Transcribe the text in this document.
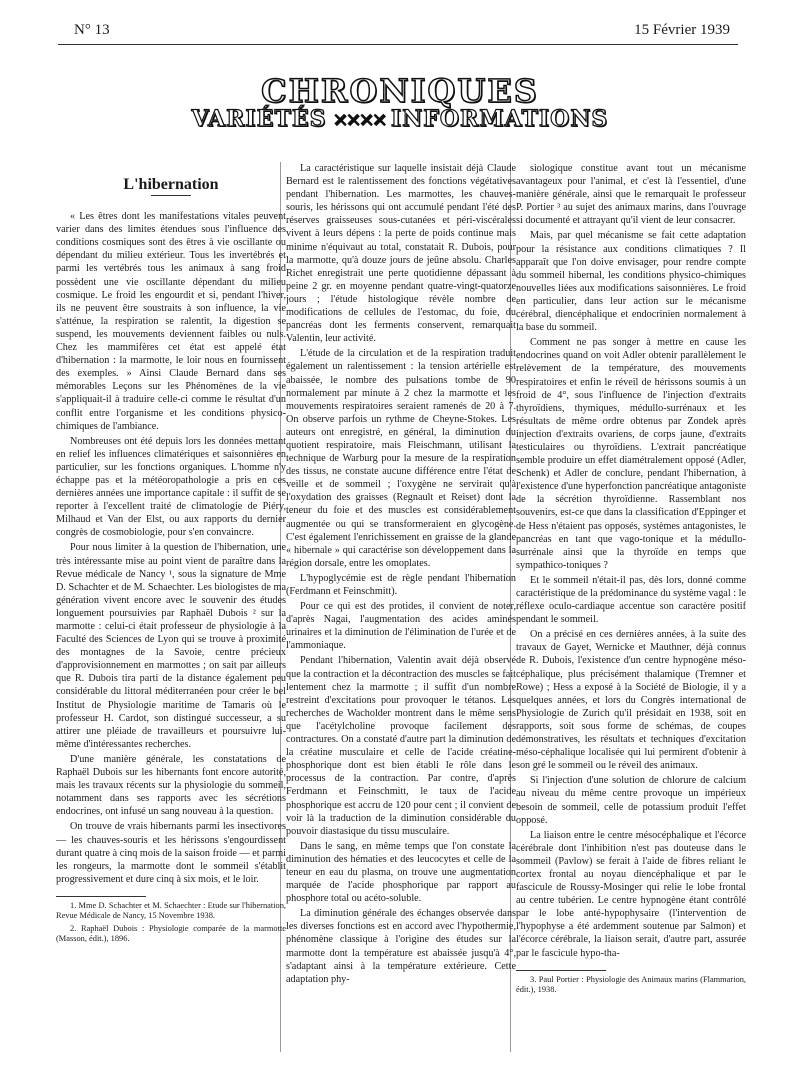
N° 13	15 Février 1939
CHRONIQUES
VARIÉTÉS ✕✕✕✕ INFORMATIONS
L'hibernation

« Les êtres dont les manifestations vitales peuvent varier dans des limites étendues sous l'influence des conditions cosmiques sont des êtres à vie oscillante ou dépendant du milieu extérieur. Tous les invertébrés et parmi les vertébrés tous les animaux à sang froid possèdent une vie oscillante dépendant du milieu cosmique. Le froid les engourdit et si, pendant l'hiver, ils ne peuvent être soustraits à son influence, la vie s'atténue, la respiration se ralentit, la digestion se suspend, les mouvements deviennent faibles ou nuls. Chez les mammifères cet état est appelé état d'hibernation : la marmotte, le loir nous en fournissent des exemples. » Ainsi Claude Bernard dans ses mémorables Leçons sur les Phénomènes de la vie s'appliquait-il à traduire celle-ci comme le résultat d'un conflit entre l'organisme et les conditions physico-chimiques de l'ambiance.

Nombreuses ont été depuis lors les données mettant en relief les influences climatériques et saisonnières en particulier, sur les fonctions organiques. L'homme n'y échappe pas et la météoropathologie a pris en ces dernières années une importance capitale : il suffit de se reporter à l'excellent traité de climatologie de Piéry, Milhaud et Van der Elst, ou aux rapports du dernier congrès de cosmobiologie, pour s'en convaincre.

Pour nous limiter à la question de l'hibernation, une très intéressante mise au point vient de paraître dans la Revue médicale de Nancy ¹, sous la signature de Mme D. Schachter et de M. Schaechter. Les biologistes de ma génération vivent encore avec le souvenir des études longuement poursuivies par Raphaël Dubois ² sur la marmotte : celui-ci était professeur de physiologie à la Faculté des Sciences de Lyon qui se trouve à proximité des montagnes de la Savoie, centre précieux d'approvisionnement en marmottes ; on sait par ailleurs que R. Dubois tira parti de la distance également peu considérable du littoral méditerranéen pour créer le bel Institut de Physiologie maritime de Tamaris où le professeur H. Cardot, son distingué successeur, a su attirer une pléiade de travailleurs et poursuivre lui-même d'intéressantes recherches.

D'une manière générale, les constatations de Raphaël Dubois sur les hibernants font encore autorité, mais les travaux récents sur la physiologie du sommeil, notamment dans ses rapports avec les sécrétions endocrines, ont infusé un sang nouveau à la question.

On trouve de vrais hibernants parmi les insectivores — les chauves-souris et les hérissons s'engourdissent durant quatre à cinq mois de la saison froide — et parmi les rongeurs, la marmotte dont le sommeil s'établit progressivement et dure cinq à six mois, et le loir.

1. Mme D. Schachter et M. Schaechter : Etude sur l'hibernation, Revue Médicale de Nancy, 15 Novembre 1938.

2. Raphaël Dubois : Physiologie comparée de la marmotte (Masson, édit.), 1896.

La caractéristique sur laquelle insistait déjà Claude Bernard est le ralentissement des fonctions végétatives pendant l'hibernation. Les marmottes, les chauves-souris, les hérissons qui ont accumulé pendant l'été des réserves graisseuses sous-cutanées et péri-viscérales vivent à leurs dépens : la perte de poids continue mais minime n'équivaut au total, constatait R. Dubois, pour la marmotte, qu'à douze jours de jeûne absolu. Charles Richet enregistrait une perte quotidienne dépassant à peine 2 gr. en moyenne pendant quatre-vingt-quatorze jours ; l'étude histologique révèle nombre de modifications de cellules de l'estomac, du foie, du pancréas dont les ferments conservent, remarquait Valentin, leur activité.

L'étude de la circulation et de la respiration traduit également un ralentissement : la tension artérielle est abaissée, le nombre des pulsations tombe de 90 normalement par minute à 2 chez la marmotte et les mouvements respiratoires seraient ramenés de 20 à 7. On observe parfois un rythme de Cheyne-Stokes. Les auteurs ont enregistré, en général, la diminution du quotient respiratoire, mais Fleischmann, utilisant la technique de Warburg pour la mesure de la respiration des tissus, ne constate aucune différence entre l'état de veille et de sommeil ; l'oxygène ne servirait qu'à l'oxydation des graisses (Regnault et Reiset) dont la teneur du foie et des muscles est considérablement augmentée ou qui se transformeraient en glycogène. C'est également l'enrichissement en graisse de la glande « hibernale » qui caractérise son développement dans la région dorsale, entre les omoplates.

L'hypoglycémie est de règle pendant l'hibernation (Ferdmann et Feinschmitt).

Pour ce qui est des protides, il convient de noter, d'après Nagai, l'augmentation des acides aminés urinaires et la diminution de l'élimination de l'urée et de l'ammoniaque.

Pendant l'hibernation, Valentin avait déjà observé que la contraction et la décontraction des muscles se fait lentement chez la marmotte ; il suffit d'un nombre restreint d'excitations pour provoquer le tétanos. Les recherches de Wacholder montrent dans le même sens que l'acétylcholine provoque facilement des contractures. On a constaté d'autre part la diminution de la créatine musculaire et celle de l'acide créatine-phosphorique dont est bien établi le rôle dans le processus de la contraction. Par contre, d'après Ferdmann et Feinschmitt, le taux de l'acide phosphorique est accru de 120 pour cent ; il convient de voir là la traduction de la diminution considérable du pouvoir diastasique du tissu musculaire.

Dans le sang, en même temps que l'on constate la diminution des hématies et des leucocytes et celle de la teneur en eau du plasma, on trouve une augmentation marquée de l'acide phosphorique par rapport au phosphore total ou acéto-soluble.

La diminution générale des échanges observée dans les diverses fonctions est en accord avec l'hypothermie, phénomène classique à l'origine des études sur la marmotte dont la température est abaissée jusqu'à 4°, s'adaptant ainsi à la température extérieure. Cette adaptation phy-

siologique constitue avant tout un mécanisme avantageux pour l'animal, et c'est là l'essentiel, d'une manière générale, ainsi que le remarquait le professeur P. Portier ³ au sujet des animaux marins, dans l'ouvrage si documenté et attrayant qu'il vient de leur consacrer.

Mais, par quel mécanisme se fait cette adaptation pour la résistance aux conditions climatiques ? Il apparaît que l'on doive envisager, pour rendre compte du sommeil hibernal, les conditions physico-chimiques nouvelles liées aux modifications saisonnières. Le froid en particulier, dans leur action sur le mécanisme cérébral, diencéphalique et endocrinien normalement à la base du sommeil.

Comment ne pas songer à mettre en cause les endocrines quand on voit Adler obtenir parallèlement le relèvement de la température, des mouvements respiratoires et enfin le réveil de hérissons soumis à un froid de 4°, sous l'influence de l'injection d'extraits thyroïdiens, thymiques, médullo-surrénaux et les résultats de même ordre obtenus par Zondek après injection d'extraits ovariens, de corps jaune, d'extraits testiculaires ou thyroïdiens. L'extrait pancréatique semble produire un effet diamétralement opposé (Adler, Schenk) et Adler de conclure, pendant l'hibernation, à l'existence d'une hyperfonction pancréatique antagoniste de la sécrétion thyroïdienne. Rassemblant nos souvenirs, est-ce que dans la classification d'Eppinger et de Hess n'étaient pas opposés, systèmes antagonistes, le pancréas en tant que vago-tonique et la médullo-surrénale ainsi que la thyroïde en temps que sympathico-toniques ?

Et le sommeil n'était-il pas, dès lors, donné comme caractéristique de la prédominance du système vagal : le réflexe oculo-cardiaque accentue son caractère positif pendant le sommeil.

On a précisé en ces dernières années, à la suite des travaux de Gayet, Wernicke et Mauthner, déjà connus de R. Dubois, l'existence d'un centre hypnogène méso-céphalique, plus précisément thalamique (Tremner et Rowe) ; Hess a exposé à la Société de Biologie, il y a quelques années, et lors du Congrès international de Physiologie de Zurich qu'il présidait en 1938, soit en rapports, soit sous forme de schémas, de coupes démonstratives, les résultats et techniques d'excitation méso-céphalique localisée qui lui permirent d'obtenir à son gré le sommeil ou le réveil des animaux.

Si l'injection d'une solution de chlorure de calcium au niveau du même centre provoque un impérieux besoin de sommeil, celle de potassium produit l'effet opposé.

La liaison entre le centre mésocéphalique et l'écorce cérébrale dont l'inhibition n'est pas douteuse dans le sommeil (Pavlow) se ferait à l'aide de fibres reliant le cortex frontal au noyau diencéphalique et par le fascicule de Roussy-Mosinger qui relie le lobe frontal au centre tubérien. Le centre hypnogène étant contrôlé par le lobe anté-hypophysaire (l'intervention de l'hypophyse a été ardemment soutenue par Salmon) et l'écorce cérébrale, la liaison serait, d'autre part, assurée par le fascicule hypo-tha-

3. Paul Portier : Physiologie des Animaux marins (Flammarion, édit.), 1938.
